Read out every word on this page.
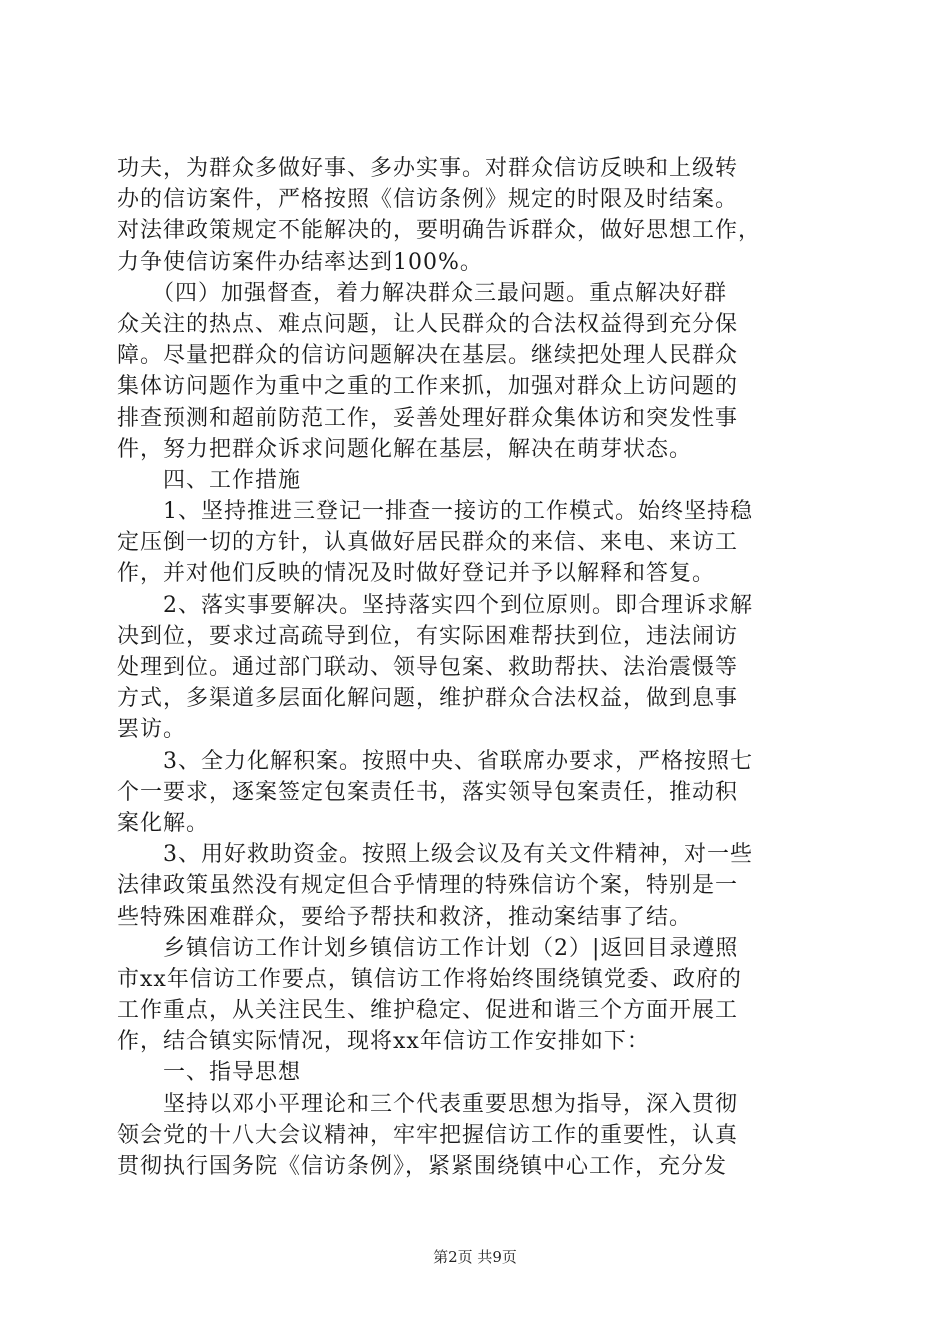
功夫，为群众多做好事、多办实事。对群众信访反映和上级转
办的信访案件，严格按照《信访条例》规定的时限及时结案。
对法律政策规定不能解决的，要明确告诉群众，做好思想工作，
力争使信访案件办结率达到100%。
　　（四）加强督查，着力解决群众三最问题。重点解决好群
众关注的热点、难点问题，让人民群众的合法权益得到充分保
障。尽量把群众的信访问题解决在基层。继续把处理人民群众
集体访问题作为重中之重的工作来抓，加强对群众上访问题的
排查预测和超前防范工作，妥善处理好群众集体访和突发性事
件，努力把群众诉求问题化解在基层，解决在萌芽状态。
　　四、工作措施
　　1、坚持推进三登记一排查一接访的工作模式。始终坚持稳
定压倒一切的方针，认真做好居民群众的来信、来电、来访工
作，并对他们反映的情况及时做好登记并予以解释和答复。
　　2、落实事要解决。坚持落实四个到位原则。即合理诉求解
决到位，要求过高疏导到位，有实际困难帮扶到位，违法闹访
处理到位。通过部门联动、领导包案、救助帮扶、法治震慑等
方式，多渠道多层面化解问题，维护群众合法权益，做到息事
罢访。
　　3、全力化解积案。按照中央、省联席办要求，严格按照七
个一要求，逐案签定包案责任书，落实领导包案责任，推动积
案化解。
　　3、用好救助资金。按照上级会议及有关文件精神，对一些
法律政策虽然没有规定但合乎情理的特殊信访个案，特别是一
些特殊困难群众，要给予帮扶和救济，推动案结事了结。
　　乡镇信访工作计划乡镇信访工作计划（2）|返回目录遵照
市xx年信访工作要点，镇信访工作将始终围绕镇党委、政府的
工作重点，从关注民生、维护稳定、促进和谐三个方面开展工
作，结合镇实际情况，现将xx年信访工作安排如下：
　　一、指导思想
　　坚持以邓小平理论和三个代表重要思想为指导，深入贯彻
领会党的十八大会议精神，牢牢把握信访工作的重要性，认真
贯彻执行国务院《信访条例》，紧紧围绕镇中心工作，充分发
第2页 共9页
